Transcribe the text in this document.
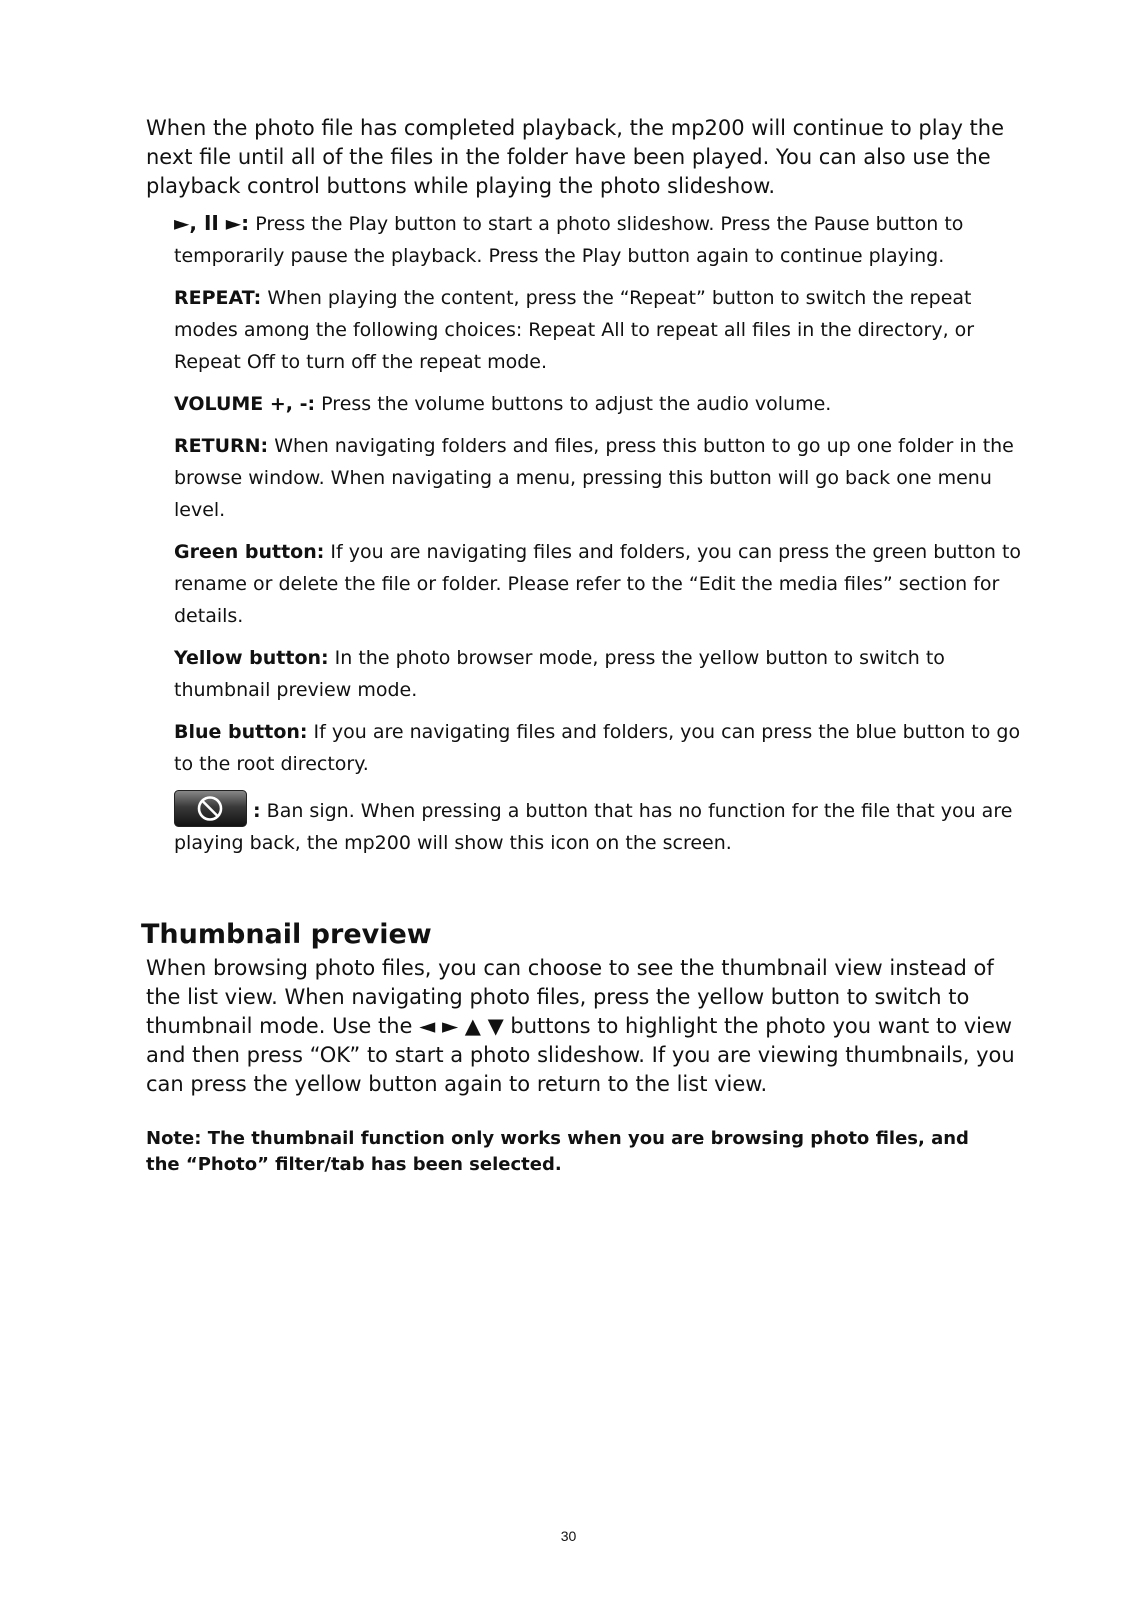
When the photo file has completed playback, the mp200 will continue to play the next file until all of the files in the folder have been played. You can also use the playback control buttons while playing the photo slideshow.

►, II ►: Press the Play button to start a photo slideshow. Press the Pause button to temporarily pause the playback. Press the Play button again to continue playing.

REPEAT: When playing the content, press the “Repeat” button to switch the repeat modes among the following choices: Repeat All to repeat all files in the directory, or Repeat Off to turn off the repeat mode.

VOLUME +, -: Press the volume buttons to adjust the audio volume.

RETURN: When navigating folders and files, press this button to go up one folder in the browse window. When navigating a menu, pressing this button will go back one menu level.

Green button: If you are navigating files and folders, you can press the green button to rename or delete the file or folder. Please refer to the “Edit the media files” section for details.

Yellow button: In the photo browser mode, press the yellow button to switch to thumbnail preview mode.

Blue button: If you are navigating files and folders, you can press the blue button to go to the root directory.

: Ban sign. When pressing a button that has no function for the file that you are playing back, the mp200 will show this icon on the screen.

Thumbnail preview

When browsing photo files, you can choose to see the thumbnail view instead of the list view. When navigating photo files, press the yellow button to switch to thumbnail mode. Use the ◄ ► ▲ ▼ buttons to highlight the photo you want to view and then press “OK” to start a photo slideshow. If you are viewing thumbnails, you can press the yellow button again to return to the list view.

Note: The thumbnail function only works when you are browsing photo files, and the “Photo” filter/tab has been selected.

30
